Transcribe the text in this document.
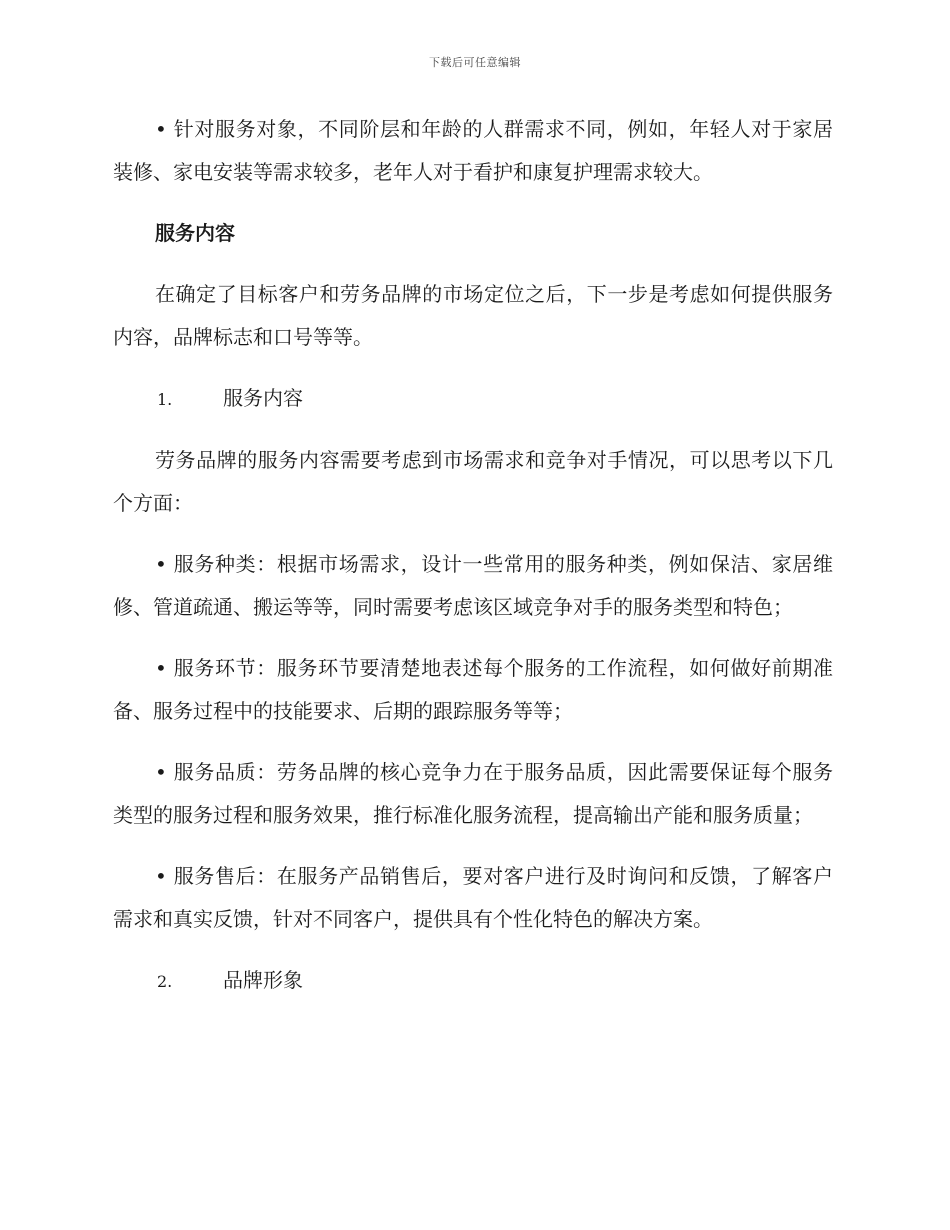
下载后可任意编辑

• 针对服务对象，不同阶层和年龄的人群需求不同，例如，年轻人对于家居装修、家电安装等需求较多，老年人对于看护和康复护理需求较大。

服务内容

在确定了目标客户和劳务品牌的市场定位之后，下一步是考虑如何提供服务内容，品牌标志和口号等等。

1.	服务内容

劳务品牌的服务内容需要考虑到市场需求和竞争对手情况，可以思考以下几个方面：

• 服务种类：根据市场需求，设计一些常用的服务种类，例如保洁、家居维修、管道疏通、搬运等等，同时需要考虑该区域竞争对手的服务类型和特色；

• 服务环节：服务环节要清楚地表述每个服务的工作流程，如何做好前期准备、服务过程中的技能要求、后期的跟踪服务等等；

• 服务品质：劳务品牌的核心竞争力在于服务品质，因此需要保证每个服务类型的服务过程和服务效果，推行标准化服务流程，提高输出产能和服务质量；

• 服务售后：在服务产品销售后，要对客户进行及时询问和反馈，了解客户需求和真实反馈，针对不同客户，提供具有个性化特色的解决方案。

2.	品牌形象
